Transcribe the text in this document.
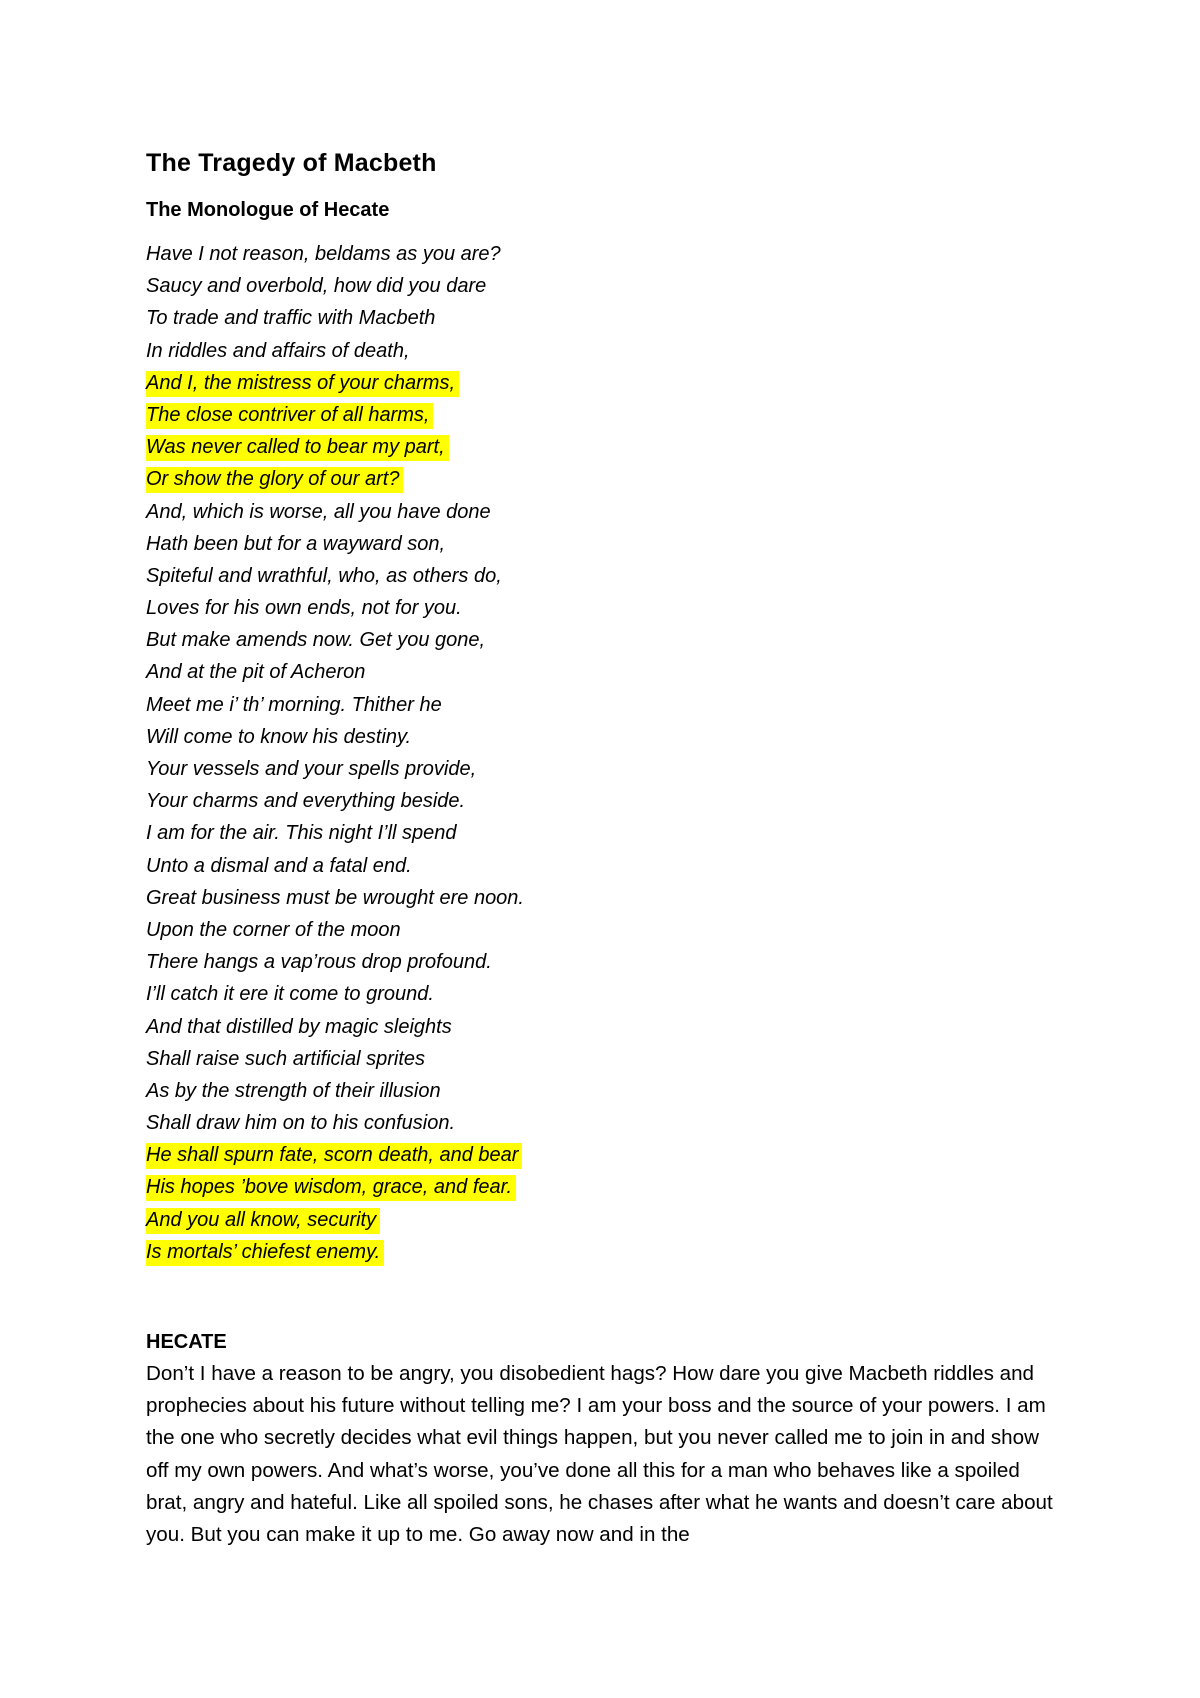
The Tragedy of Macbeth
The Monologue of Hecate
Have I not reason, beldams as you are?
Saucy and overbold, how did you dare
To trade and traffic with Macbeth
In riddles and affairs of death,
And I, the mistress of your charms,
The close contriver of all harms,
Was never called to bear my part,
Or show the glory of our art?
And, which is worse, all you have done
Hath been but for a wayward son,
Spiteful and wrathful, who, as others do,
Loves for his own ends, not for you.
But make amends now. Get you gone,
And at the pit of Acheron
Meet me i’ th’ morning. Thither he
Will come to know his destiny.
Your vessels and your spells provide,
Your charms and everything beside.
I am for the air. This night I’ll spend
Unto a dismal and a fatal end.
Great business must be wrought ere noon.
Upon the corner of the moon
There hangs a vap’rous drop profound.
I’ll catch it ere it come to ground.
And that distilled by magic sleights
Shall raise such artificial sprites
As by the strength of their illusion
Shall draw him on to his confusion.
He shall spurn fate, scorn death, and bear
His hopes ’bove wisdom, grace, and fear.
And you all know, security
Is mortals’ chiefest enemy.
HECATE

Don’t I have a reason to be angry, you disobedient hags? How dare you give Macbeth riddles and prophecies about his future without telling me? I am your boss and the source of your powers. I am the one who secretly decides what evil things happen, but you never called me to join in and show off my own powers. And what’s worse, you’ve done all this for a man who behaves like a spoiled brat, angry and hateful. Like all spoiled sons, he chases after what he wants and doesn’t care about you. But you can make it up to me. Go away now and in the
